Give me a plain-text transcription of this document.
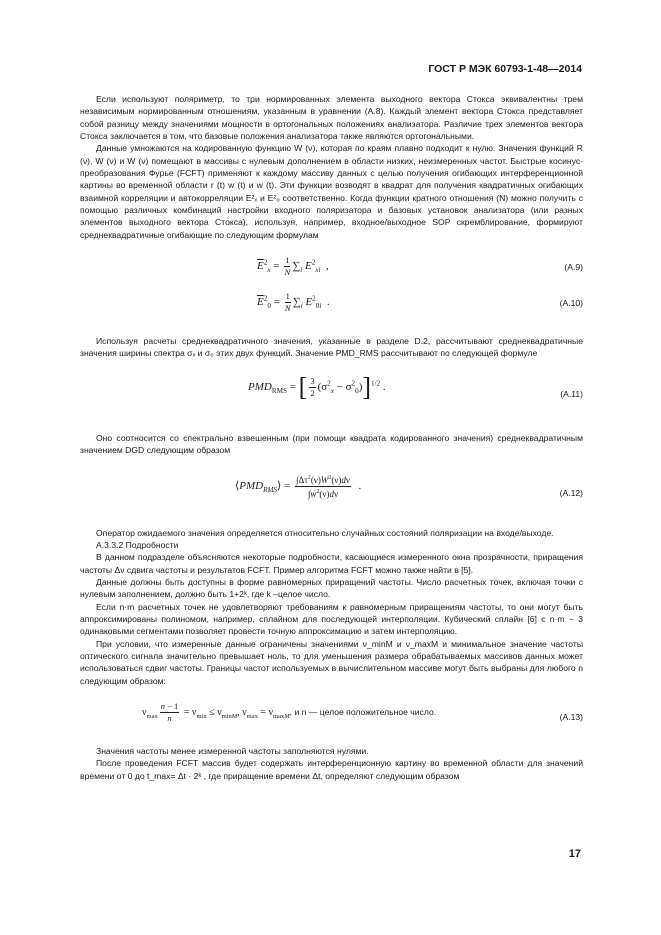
ГОСТ Р МЭК 60793-1-48—2014

Если используют поляриметр, то три нормированных элемента выходного вектора Стокса эквивалентны трем независимым нормированным отношениям, указанным в уравнении (А.8). Каждый элемент вектора Стокса представляет собой разницу между значениями мощности в ортогональных положениях анализатора. Различие трех элементов вектора Стокса заключается в том, что базовые положения анализатора также являются ортогональными.

Данные умножаются на кодированную функцию W (ν), которая по краям плавно подходит к нулю. Значения функций R (ν), W (ν) и W (ν) помещают в массивы с нулевым дополнением в области низких, неизмеренных частот. Быстрые косинус-преобразования Фурье (FCFT) применяют к каждому массиву данных с целью получения огибающих интерференционной картины во временной области r (t) w (t) и w (t). Эти функции возводят в квадрат для получения квадратичных огибающих взаимной корреляции и автокорреляции E²ₓ и E²₀ соответственно. Когда функции кратного отношения (N) можно получить с помощью различных комбинаций настройки входного поляризатора и базовых установок анализатора (или разных элементов выходного вектора Стокса), используя, например, входное/выходное SOP скремблирование, формируют среднеквадратичные огибающие по следующим формулам

$\overline{E}^2_x = \frac{1}{N} \sum_i$ $E^2_{xi}$  ,	(А.9)
$\overline{E}^2_0 = \frac{1}{N} \sum_i$ $E^2_{0i}$  .	(А.10)

Используя расчеты среднеквадратичного значения, указанные в разделе D.2, рассчитывают среднеквадратичные значения ширины спектра σₓ и σ₀ этих двух функций. Значение PMD_RMS рассчитывают по следующей формуле

$PMD_{RMS}$ = [ $\frac{3}{2} (\sigma^2_x - \sigma^2_0)]^{1/2}$ .
(А.11)

Оно соотносится со спектрально взвешенным (при помощи квадрата кодированного значения) среднеквадратичным значением DGD следующим образом

$⟨PMD_{RMS}⟩ = \frac{\int\Delta\tau^2(\nu)W^2(\nu)d\nu}{\int w^2(\nu)d\nu}$ .
(А.12)

Оператор ожидаемого значения определяется относительно случайных состояний поляризации на входе/выходе.

А.3.3.2 Подробности

В данном подразделе объясняются некоторые подробности, касающиеся измеренного окна прозрачности, приращения частоты Δν сдвига частоты и результатов FCFT. Пример алгоритма FCFT можно также найти в [5].

Данные должны быть доступны в форме равномерных приращений частоты. Число расчетных точек, включая точки с нулевым заполнением, должно быть 1+2ᵏ, где k –целое число.

Если n·m расчетных точек не удовлетворяют требованиям к равномерным приращениям частоты, то они могут быть аппроксимированы полиномом, например, сплайном для последующей интерполяции. Кубический сплайн [6] с n·m − 3 одинаковыми сегментами позволяет провести точную аппроксимацию и затем интерполяцию.

При условии, что измеренные данные ограничены значениями ν_minM и ν_maxM и минимальное значение частоты оптического сигнала значительно превышает ноль, то для уменьшения размера обрабатываемых массивов данных может использоваться сдвиг частоты. Границы частот используемых в вычислительном массиве могут быть выбраны для любого n следующим образом:

$\nu_{max} \frac{n - 1}{n} = \nu_{min} \le \nu_{minM}$, $\nu_{max} = \nu_{maxM}$, и n — целое положительное число.
(А.13)

Значения частоты менее измеренной частоты заполняются нулями.

После проведения FCFT массив будет содержать интерференционную картину во временной области для значений времени от 0 до t_max= Δt · 2ᵏ , где приращение времени Δt, определяют следующим образом

17
